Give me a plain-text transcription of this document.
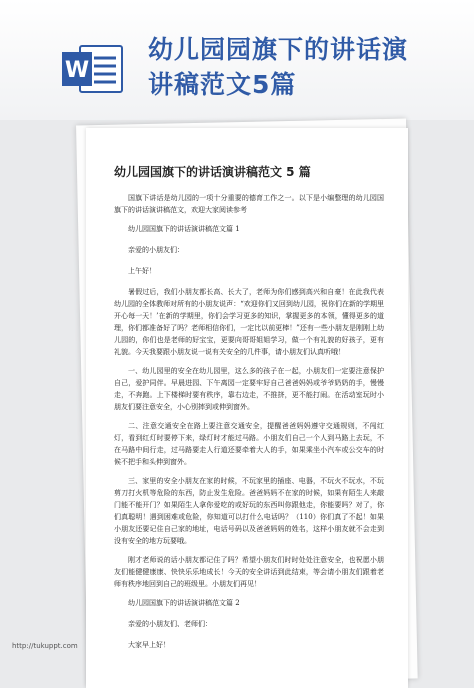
W
幼儿园园旗下的讲话演
讲稿范文5篇
幼儿园国旗下的讲话演讲稿范文 5 篇

国旗下讲话是幼儿园的一项十分重要的德育工作之一。以下是小编整理的幼儿园国旗下的讲话演讲稿范文，欢迎大家阅读参考

幼儿园国旗下的讲话演讲稿范文篇 1

亲爱的小朋友们：

上午好！

暑假过后，我们小朋友都长高、长大了，老师为你们感到高兴和自豪！在此我代表幼儿园的全体教师对所有的小朋友说声：“欢迎你们又回到幼儿园，祝你们在新的学期里开心每一天！’在新的学期里，你们会学习更多的知识，掌握更多的本领，懂得更多的道理，你们都准备好了吗？老师相信你们，一定比以前更棒！”还有一些小朋友是刚刚上幼儿园的，你们也是老师的好宝宝，更要向哥哥姐姐学习，做一个有礼貌的好孩子，更有礼貌。今天我要跟小朋友说一说有关安全的几件事，请小朋友们认真听哦！

一、幼儿园里的安全在幼儿园里，这么多的孩子在一起，小朋友们一定要注意保护自己，爱护同伴。早晨进园、下午离园一定要牢好自己爸爸妈妈或爷爷奶奶的手，慢慢走，不奔跑。上下楼梯时要有秩序，靠右边走，不推挤，更不能打闹。在活动室玩时小朋友们要注意安全，小心别摔到或伸到窗外。

二、注意交通安全在路上要注意交通安全，提醒爸爸妈妈遵守交通规则，不闯红灯，看到红灯时要停下来，绿灯时才能过马路。小朋友们自己一个人到马路上去玩，不在马路中间行走，过马路要走人行道还要牵着大人的手，如果乘坐小汽车或公交车的时候不把手和头伸到窗外。

三、家里的安全小朋友在家的时候，不玩家里的插座、电器，不玩火不玩水，不玩剪刀打火机等危险的东西，防止发生危险。爸爸妈妈不在家的时候，如果有陌生人来敲门能不能开门？如果陌生人拿你爱吃的或好玩的东西叫你跟他走，你能要吗？对了，你们真聪明！遇到困难或危险，你知道可以打什么电话吗？（110）你们真了不起！如果小朋友还要记住自己家的地址，电话号码以及爸爸妈妈的姓名，这样小朋友就不会走到没有安全的地方玩要哦。

刚才老师说的话小朋友都记住了吗？希望小朋友们时时处处注意安全，也祝愿小朋友们能健健康康、快快乐乐地成长！今天的安全讲话到此结束，等会请小朋友们跟着老师有秩序地回到自己的班级里。小朋友们再见！

幼儿园国旗下的讲话演讲稿范文篇 2

亲爱的小朋友们、老师们：

大家早上好！

http://tukuppt.com
